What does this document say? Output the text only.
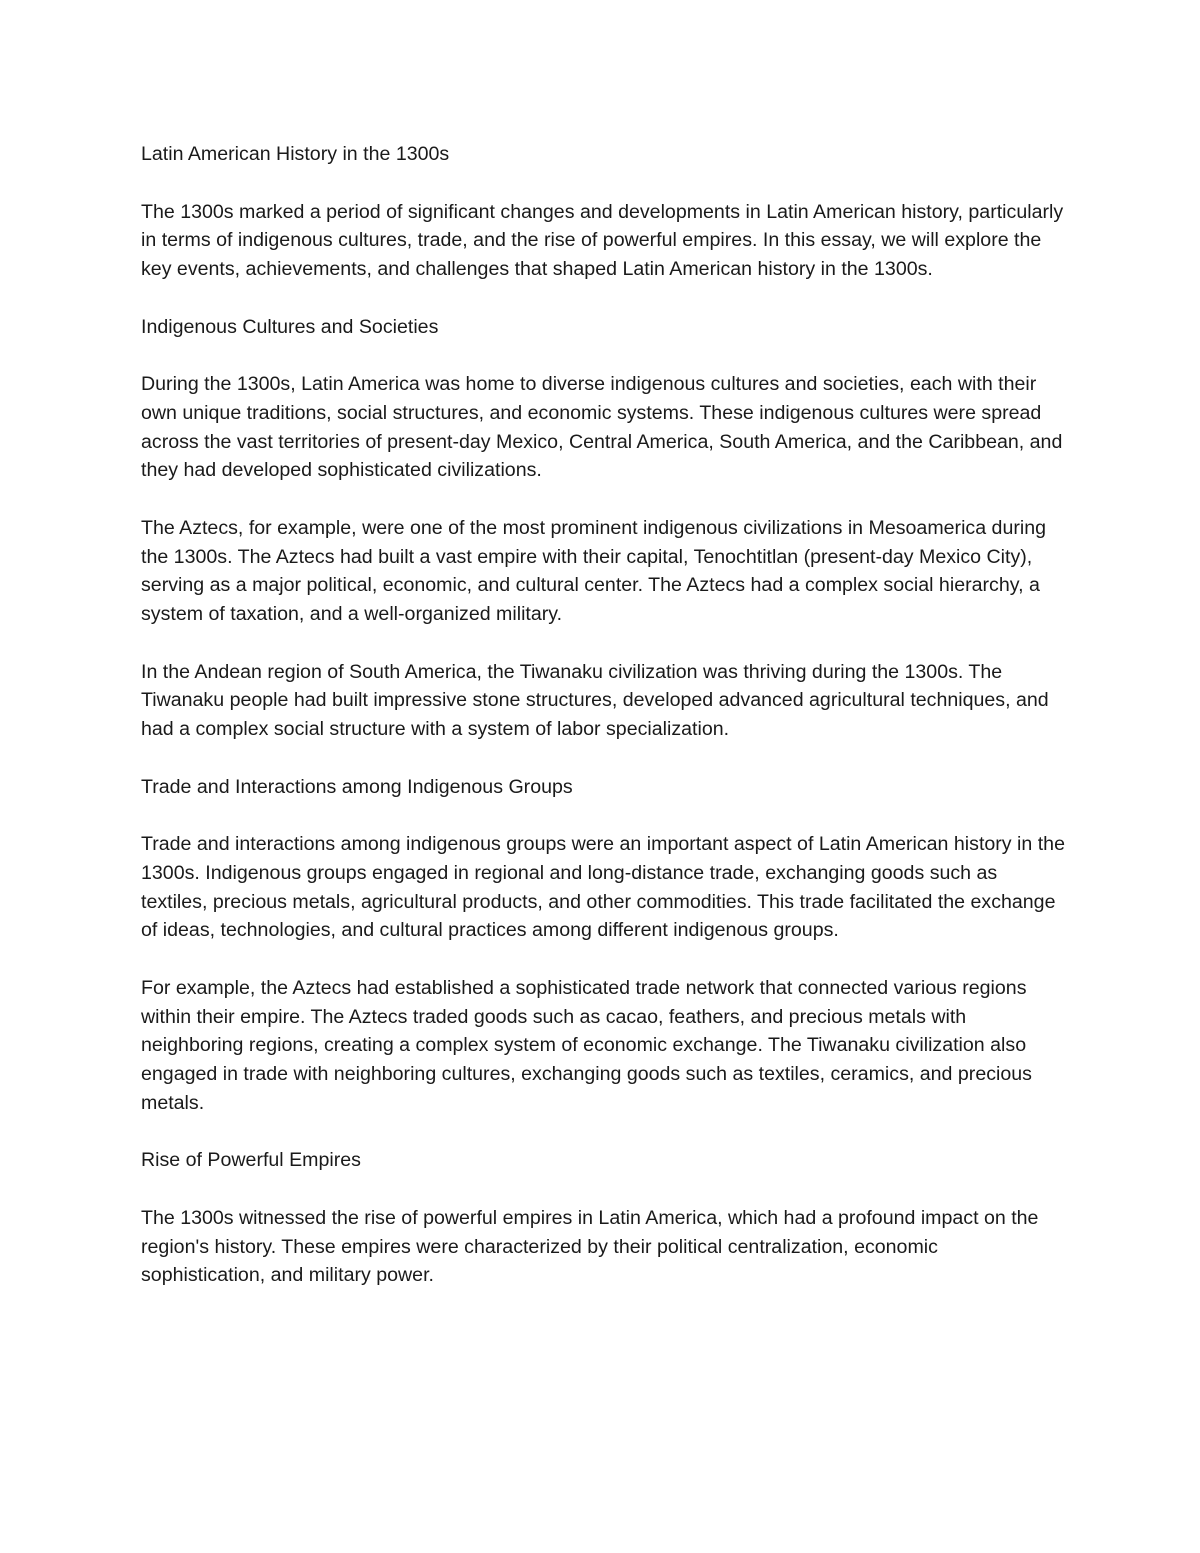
Latin American History in the 1300s
The 1300s marked a period of significant changes and developments in Latin American history, particularly in terms of indigenous cultures, trade, and the rise of powerful empires. In this essay, we will explore the key events, achievements, and challenges that shaped Latin American history in the 1300s.
Indigenous Cultures and Societies
During the 1300s, Latin America was home to diverse indigenous cultures and societies, each with their own unique traditions, social structures, and economic systems. These indigenous cultures were spread across the vast territories of present-day Mexico, Central America, South America, and the Caribbean, and they had developed sophisticated civilizations.
The Aztecs, for example, were one of the most prominent indigenous civilizations in Mesoamerica during the 1300s. The Aztecs had built a vast empire with their capital, Tenochtitlan (present-day Mexico City), serving as a major political, economic, and cultural center. The Aztecs had a complex social hierarchy, a system of taxation, and a well-organized military.
In the Andean region of South America, the Tiwanaku civilization was thriving during the 1300s. The Tiwanaku people had built impressive stone structures, developed advanced agricultural techniques, and had a complex social structure with a system of labor specialization.
Trade and Interactions among Indigenous Groups
Trade and interactions among indigenous groups were an important aspect of Latin American history in the 1300s. Indigenous groups engaged in regional and long-distance trade, exchanging goods such as textiles, precious metals, agricultural products, and other commodities. This trade facilitated the exchange of ideas, technologies, and cultural practices among different indigenous groups.
For example, the Aztecs had established a sophisticated trade network that connected various regions within their empire. The Aztecs traded goods such as cacao, feathers, and precious metals with neighboring regions, creating a complex system of economic exchange. The Tiwanaku civilization also engaged in trade with neighboring cultures, exchanging goods such as textiles, ceramics, and precious metals.
Rise of Powerful Empires
The 1300s witnessed the rise of powerful empires in Latin America, which had a profound impact on the region's history. These empires were characterized by their political centralization, economic sophistication, and military power.
